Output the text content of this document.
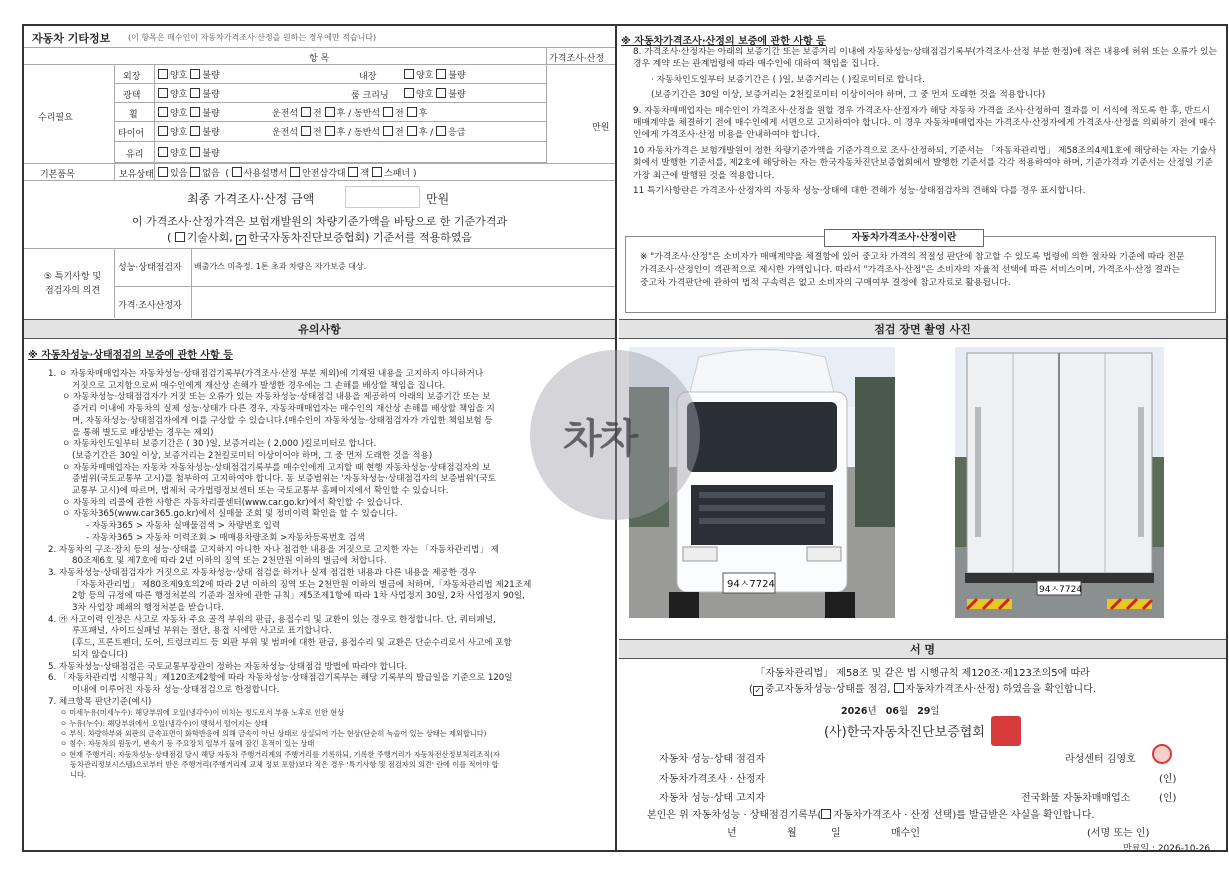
자동차 기타정보 (이 항목은 매수인이 자동차가격조사·산정을 원하는 경우에만 적습니다)
항 목	가격조사·산정
수리필요
만원
외장	양호 불량	내장	양호 불량
광택	양호 불량	룸 크리닝	양호 불량
휠	양호 불량	운전석 전 후 / 동반석 전 후
타이어	양호 불량	운전석 전 후 / 동반석 전 후 / 응급
유리	양호 불량
기본품목	보유상태	있음 없음  ( 사용설명서 안전삼각대 잭 스패너 )
최종 가격조사·산정 금액	만원
이 가격조사·산정가격은 보험개발원의 차량기준가액을 바탕으로 한 기준가격과
( 기술사회, ✓ 한국자동차진단보증협회) 기준서를 적용하였음
⑤ 특기사항 및
점검자의 의견
성능·상태점검자 배출가스 미측정. 1톤 초과 차량은 자가보증 대상.
가격·조사산정자
유의사항
※ 자동차성능·상태점검의 보증에 관한 사항 등
1. ㅇ 자동차매매업자는 자동차성능·상태점검기록부(가격조사·산정 부분 제외)에 기재된 내용을 고지하지 아니하거나
거짓으로 고지함으로써 매수인에게 재산상 손해가 발생한 경우에는 그 손해를 배상할 책임을 집니다.
ㅇ 자동차성능·상태점검자가 거짓 또는 오류가 있는 자동차성능·상태점검 내용을 제공하여 아래의 보증기간 또는 보
증거리 이내에 자동차의 실제 성능·상태가 다른 경우, 자동차매매업자는 매수인의 재산상 손해를 배상할 책임을 지
며, 자동차성능·상태점검자에게 이를 구상할 수 있습니다.(매수인이 자동차성능·상태점검자가 가입한 책임보험 등
을 통해 별도로 배상받는 경우는 제외)
ㅇ 자동차인도일부터 보증기간은 ( 30 )일, 보증거리는 ( 2,000 )킬로미터로 합니다.
(보증기간은 30일 이상, 보증거리는 2천킬로미터 이상이어야 하며, 그 중 먼저 도래한 것을 적용)
ㅇ 자동차매매업자는 자동차 자동차성능·상태점검기록부를 매수인에게 고지할 때 현행 자동차성능·상태점검자의 보
증범위(국토교통부 고시)를 첨부하여 고지하여야 합니다. 동 보증범위는 '자동차성능·상태점검자의 보증범위'(국토
교통부 고시)에 따르며, 법제처 국가법령정보센터 또는 국토교통부 홈페이지에서 확인할 수 있습니다.
ㅇ 자동차의 리콜에 관한 사항은 자동차리콜센터(www.car.go.kr)에서 확인할 수 있습니다.
ㅇ 자동차365(www.car365.go.kr)에서 실매물 조회 및 정비이력 확인을 할 수 있습니다.
- 자동차365 > 자동차 실매물검색 > 차량번호 입력
- 자동차365 > 자동차 이력조회 > 매매용차량조회 >자동차등록번호 검색
2. 자동차의 구조·장치 등의 성능·상태를 고지하지 아니한 자나 점검한 내용을 거짓으로 고지한 자는 「자동차관리법」 제
80조제6호 및 제7호에 따라 2년 이하의 징역 또는 2천만원 이하의 벌금에 처합니다.
3. 자동차성능·상태점검자가 거짓으로 자동차성능·상태 점검을 하거나 실제 점검한 내용과 다른 내용을 제공한 경우
「자동차관리법」 제80조제9호의2에 따라 2년 이하의 징역 또는 2천만원 이하의 벌금에 처하며,「자동차관리법 제21조제
2항 등의 규정에 따른 행정처분의 기준과 절차에 관한 규칙」제5조제1항에 따라 1차 사업정지 30일, 2차 사업정지 90일,
3차 사업장 폐쇄의 행정처분을 받습니다.
4. ㉮ 사고이력 인정은 사고로 자동차 주요 골격 부위의 판금, 용접수리 및 교환이 있는 경우로 한정합니다. 단, 쿼터패널,
루프패널, 사이드실패널 부위는 절단, 용접 시에만 사고로 표기합니다.
(후드, 프론트펜더, 도어, 트렁크리드 등 외판 부위 및 범퍼에 대한 판금, 용접수리 및 교환은 단순수리로서 사고에 포함
되지 않습니다)
5. 자동차성능·상태점검은 국토교통부장관이 정하는 자동차성능·상태점검 방법에 따라야 합니다.
6. 「자동차관리법 시행규칙」제120조제2항에 따라 자동차성능·상태점검기록부는 해당 기록부의 발급일을 기준으로 120일
이내에 이루어진 자동차 성능·상태점검으로 한정합니다.
7. 체크항목 판단기준(예시)
ㅇ 미세누유(미세누수): 해당부위에 오일(냉각수)이 비치는 정도로서 부품 노후로 인한 현상
ㅇ 누유(누수): 해당부위에서 오일(냉각수)이 맺혀서 떨어지는 상태
ㅇ 부식: 차량하부와 외판의 금속표면이 화학반응에 의해 금속이 아닌 상태로 상실되어 가는 현상(단순히 녹슬어 있는 상태는 제외합니다)
ㅇ 침수: 자동차의 원동기, 변속기 등 주요장치 일부가 물에 잠긴 흔적이 있는 상태
ㅇ 현재 주행거리: 자동차성능·상태점검 당시 해당 자동차 주행거리계의 주행거리를 기록하되, 기록한 주행거리가 자동차전산정보처리조직(자
동차관리정보시스템)으로부터 받은 주행거리(주행거리계 교체 정보 포함)보다 적은 경우 '특기사항 및 점검자의 의견' 란에 이를 적어야 합
니다.
※ 자동차가격조사·산정의 보증에 관한 사항 등
8. 가격조사·산정자는 아래의 보증기간 또는 보증거리 이내에 자동차성능·상태점검기록부(가격조사·산정 부분 한정)에 적은 내용에 허위 또는 오류가 있는 경우 계약 또는 관계법령에 따라 매수인에 대하여 책임을 집니다.
· 자동차인도일부터 보증기간은 ( )일, 보증거리는 ( )킬로미터로 합니다.
(보증기간은 30일 이상, 보증거리는 2천킬로미터 이상이어야 하며, 그 중 먼저 도래한 것을 적용합니다)
9. 자동차매매업자는 매수인이 가격조사·산정을 원할 경우 가격조사·산정자가 해당 자동차 가격을 조사·산정하여 결과를 이 서식에 적도록 한 후, 반드시 매매계약을 체결하기 전에 매수인에게 서면으로 고지하여야 합니다. 이 경우 자동차매매업자는 가격조사·산정자에게 가격조사·산정을 의뢰하기 전에 매수인에게 가격조사·산정 비용을 안내하여야 합니다.
10 자동차가격은 보험개발원이 정한 차량기준가액을 기준가격으로 조사·산정하되, 기준서는 「자동차관리법」 제58조의4제1호에 해당하는 자는 기술사회에서 발행한 기준서를, 제2호에 해당하는 자는 한국자동차진단보증협회에서 발행한 기준서를 각각 적용하여야 하며, 기준가격과 기준서는 산정일 기준 가장 최근에 발행된 것을 적용합니다.
11 특기사항란은 가격조사·산정자의 자동차 성능·상태에 대한 견해가 성능·상태점검자의 견해와 다를 경우 표시합니다.
자동차가격조사·산정이란
※ "가격조사·산정"은 소비자가 매매계약을 체결함에 있어 중고차 가격의 적절성 판단에 참고할 수 있도록 법령에 의한 절차와 기준에 따라 전문 가격조사·산정인이 객관적으로 제시한 가액입니다. 따라서 "가격조사·산정"은 소비자의 자율적 선택에 따른 서비스이며, 가격조사·산정 결과는 중고차 가격판단에 관하여 법적 구속력은 없고 소비자의 구매여부 결정에 참고자료로 활용됩니다.
점검 장면 촬영 사진
94ㅅ7724	94ㅅ7724
서 명
「자동차관리법」 제58조 및 같은 법 시행규칙 제120조·제123조의5에 따라
( ✓ 중고자동차성능·상태를 점검, 자동차가격조사·산정) 하였음을 확인합니다.
2026년 06월 29일
(사)한국자동차진단보증협회
자동차 성능·상태 점검자	라성센터 김영호
자동차가격조사 · 산정자	(인)
자동차 성능·상태 고지자	전국화물 자동차매매업소	(인)
본인은 위 자동차성능 · 상태점검기록부( 자동차가격조사 · 산정 선택)를 발급받은 사실을 확인합니다.
년	월	일	매수인	(서명 또는 인)
만료일 : 2026-10-26
차차
